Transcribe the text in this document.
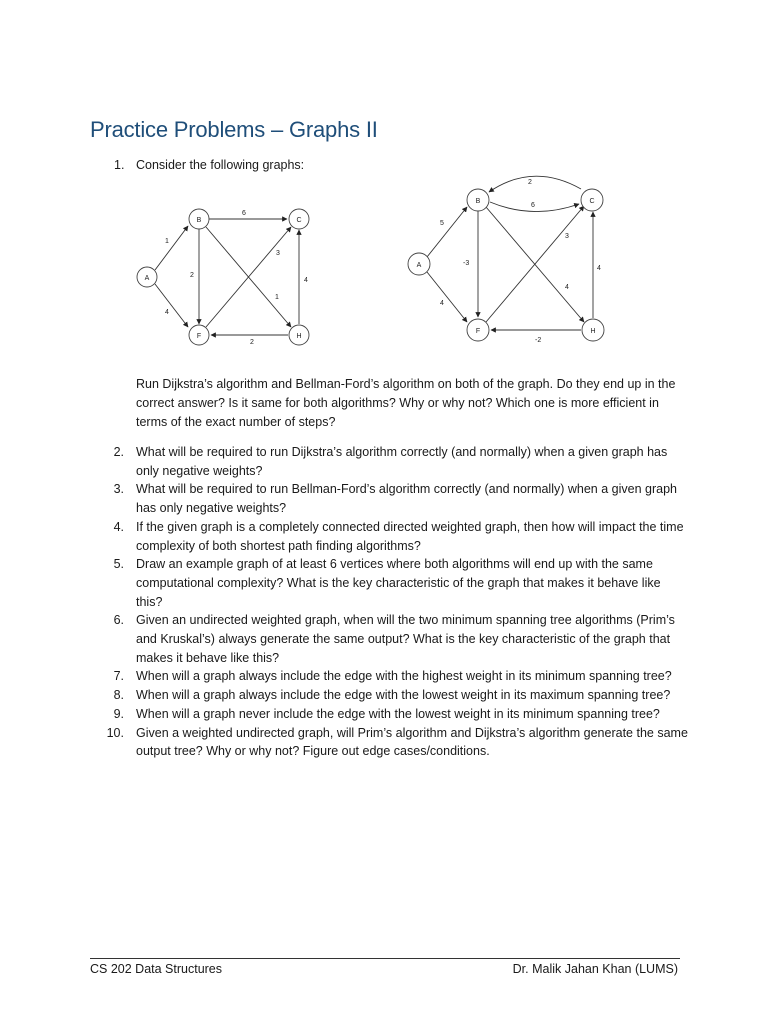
Practice Problems – Graphs II
1. Consider the following graphs:
1
4
6
2
3
1
4
2
A
B	C
F	H
5
4
2
6
-3
3
4
4
-2
A
B	C
F	H

Run Dijkstra’s algorithm and Bellman-Ford’s algorithm on both of the graph. Do they end up in the correct answer? Is it same for both algorithms? Why or why not? Which one is more efficient in terms of the exact number of steps?

2. What will be required to run Dijkstra’s algorithm correctly (and normally) when a given graph has only negative weights?
3. What will be required to run Bellman-Ford’s algorithm correctly (and normally) when a given graph has only negative weights?
4. If the given graph is a completely connected directed weighted graph, then how will impact the time complexity of both shortest path finding algorithms?
5. Draw an example graph of at least 6 vertices where both algorithms will end up with the same computational complexity? What is the key characteristic of the graph that makes it behave like this?
6. Given an undirected weighted graph, when will the two minimum spanning tree algorithms (Prim’s and Kruskal’s) always generate the same output? What is the key characteristic of the graph that makes it behave like this?
7. When will a graph always include the edge with the highest weight in its minimum spanning tree?
8. When will a graph always include the edge with the lowest weight in its maximum spanning tree?
9. When will a graph never include the edge with the lowest weight in its minimum spanning tree?
10. Given a weighted undirected graph, will Prim’s algorithm and Dijkstra’s algorithm generate the same output tree? Why or why not? Figure out edge cases/conditions.
CS 202 Data Structures	Dr. Malik Jahan Khan (LUMS)
